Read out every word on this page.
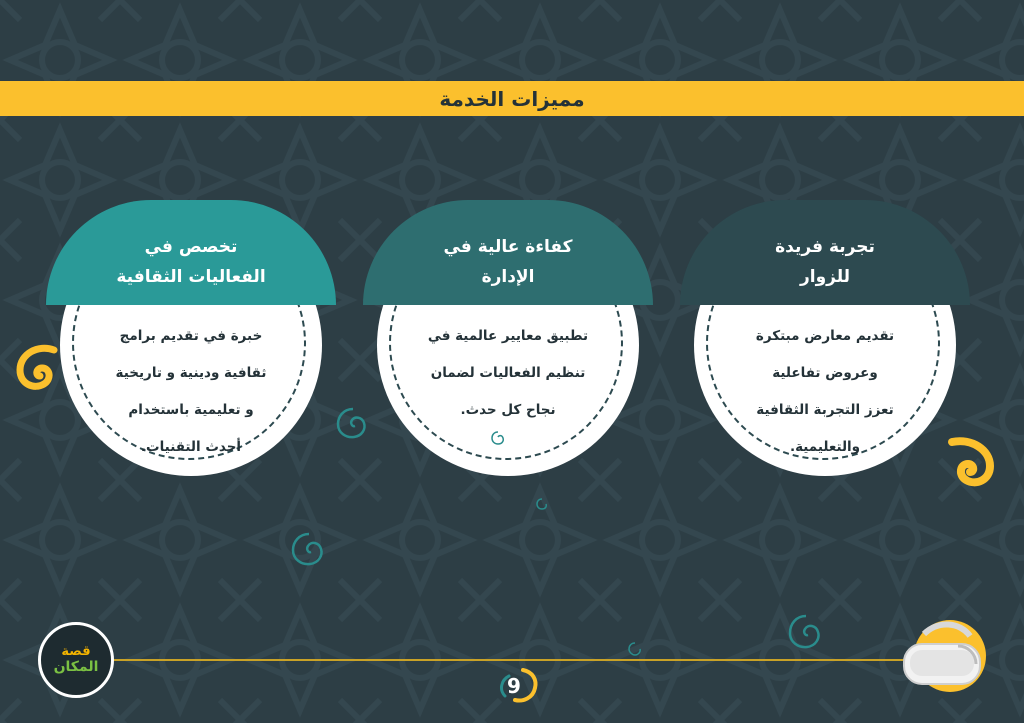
مميزات الخدمة
تجربة فريدة
للزوار
تقديم معارض مبتكرة
وعروض تفاعلية
تعزز التجربة الثقافية
والتعليمية.
كفاءة عالية في
الإدارة
تطبيق معايير عالمية في
تنظيم الفعاليات لضمان
نجاح كل حدث.
تخصص في
الفعاليات الثقافية
خبرة في تقديم برامج
ثقافية ودينية و تاريخية
و تعليمية باستخدام
أحدث التقنيات.
9
قصة
المكان
